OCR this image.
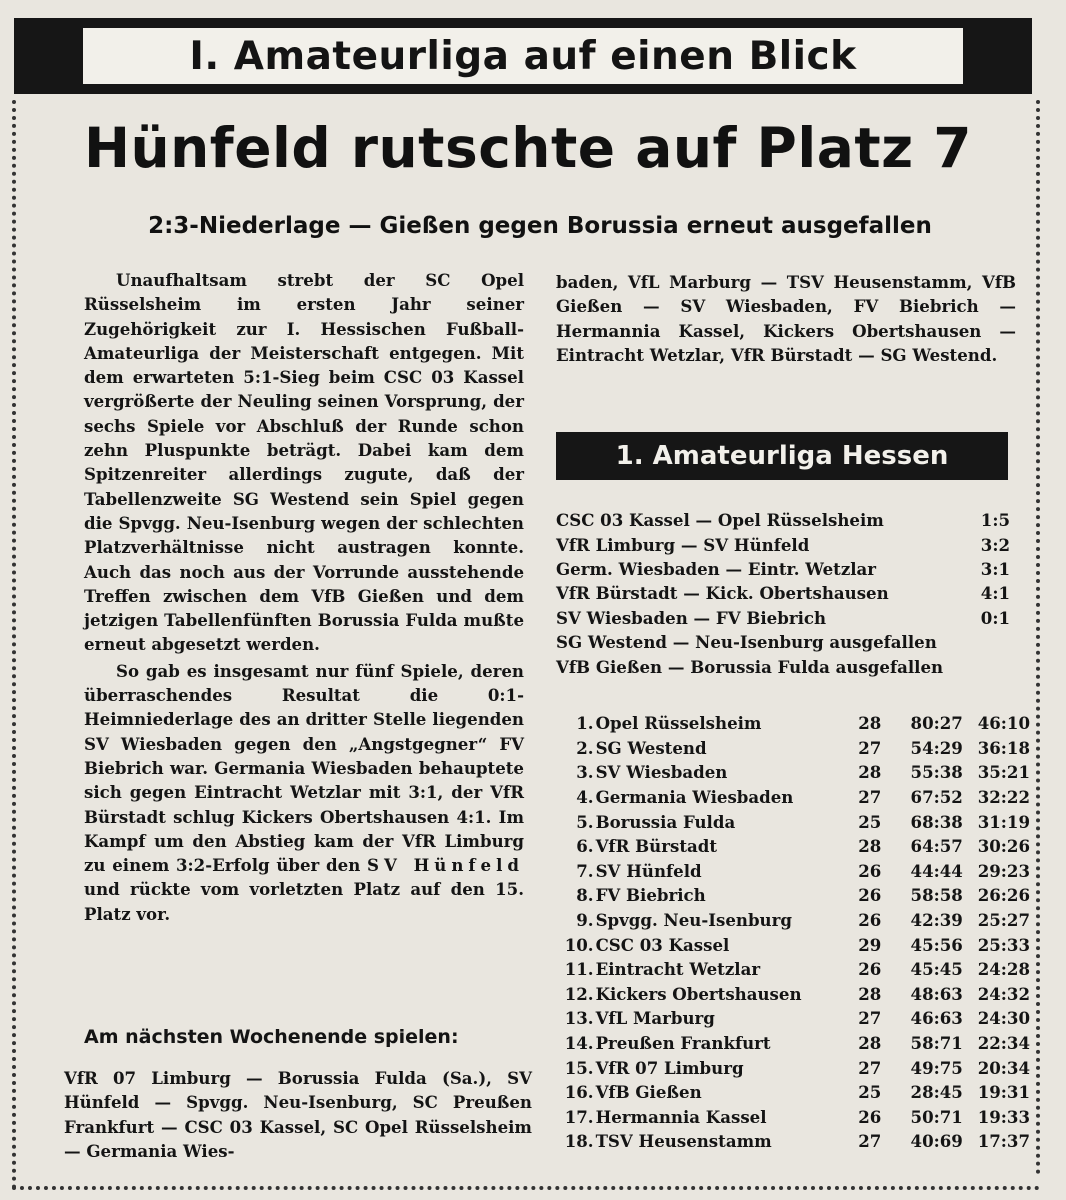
I. Amateurliga auf einen Blick
Hünfeld rutschte auf Platz 7
2:3-Niederlage — Gießen gegen Borussia erneut ausgefallen

Unaufhaltsam strebt der SC Opel Rüsselsheim im ersten Jahr seiner Zugehörigkeit zur I. Hessischen Fußball-Amateurliga der Meisterschaft entgegen. Mit dem erwarteten 5:1-Sieg beim CSC 03 Kassel vergrößerte der Neuling seinen Vorsprung, der sechs Spiele vor Abschluß der Runde schon zehn Pluspunkte beträgt. Dabei kam dem Spitzenreiter allerdings zugute, daß der Tabellenzweite SG Westend sein Spiel gegen die Spvgg. Neu-Isenburg wegen der schlechten Platzverhältnisse nicht austragen konnte. Auch das noch aus der Vorrunde ausstehende Treffen zwischen dem VfB Gießen und dem jetzigen Tabellenfünften Borussia Fulda mußte erneut abgesetzt werden.

So gab es insgesamt nur fünf Spiele, deren überraschendes Resultat die 0:1-Heimniederlage des an dritter Stelle liegenden SV Wiesbaden gegen den „Angstgegner“ FV Biebrich war. Germania Wiesbaden behauptete sich gegen Eintracht Wetzlar mit 3:1, der VfR Bürstadt schlug Kickers Obertshausen 4:1. Im Kampf um den Abstieg kam der VfR Limburg zu einem 3:2-Erfolg über den SV Hünfeld und rückte vom vorletzten Platz auf den 15. Platz vor.

Am nächsten Wochenende spielen:
VfR 07 Limburg — Borussia Fulda (Sa.), SV Hünfeld — Spvgg. Neu-Isenburg, SC Preußen Frankfurt — CSC 03 Kassel, SC Opel Rüsselsheim — Germania Wies-
baden, VfL Marburg — TSV Heusenstamm, VfB Gießen — SV Wiesbaden, FV Biebrich — Hermannia Kassel, Kickers Obertshausen — Eintracht Wetzlar, VfR Bürstadt — SG Westend.
1. Amateurliga Hessen
CSC 03 Kassel — Opel Rüsselsheim	1:5
VfR Limburg — SV Hünfeld	3:2
Germ. Wiesbaden — Eintr. Wetzlar	3:1
VfR Bürstadt — Kick. Obertshausen	4:1
SV Wiesbaden — FV Biebrich	0:1
SG Westend — Neu-Isenburg ausgefallen
VfB Gießen — Borussia Fulda ausgefallen
1. Opel Rüsselsheim	28	80:27 46:10
2. SG Westend	27	54:29 36:18
3. SV Wiesbaden	28	55:38 35:21
4. Germania Wiesbaden	27	67:52 32:22
5. Borussia Fulda	25	68:38 31:19
6. VfR Bürstadt	28	64:57 30:26
7. SV Hünfeld	26	44:44 29:23
8. FV Biebrich	26	58:58 26:26
9. Spvgg. Neu-Isenburg	26	42:39 25:27
10. CSC 03 Kassel	29	45:56 25:33
11. Eintracht Wetzlar	26	45:45 24:28
12. Kickers Obertshausen	28	48:63 24:32
13. VfL Marburg	27	46:63 24:30
14. Preußen Frankfurt	28	58:71 22:34
15. VfR 07 Limburg	27	49:75 20:34
16. VfB Gießen	25	28:45 19:31
17. Hermannia Kassel	26	50:71 19:33
18. TSV Heusenstamm	27	40:69 17:37
